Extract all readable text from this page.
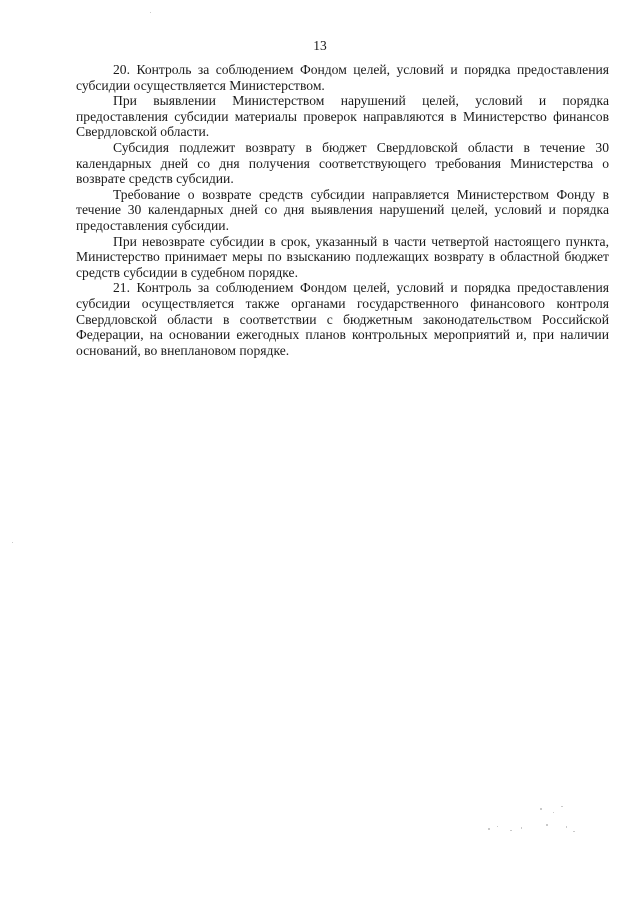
13

20. Контроль за соблюдением Фондом целей, условий и порядка предоставления субсидии осуществляется Министерством.

При выявлении Министерством нарушений целей, условий и порядка предоставления субсидии материалы проверок направляются в Министерство финансов Свердловской области.

Субсидия подлежит возврату в бюджет Свердловской области в течение 30 календарных дней со дня получения соответствующего требования Министерства о возврате средств субсидии.

Требование о возврате средств субсидии направляется Министерством Фонду в течение 30 календарных дней со дня выявления нарушений целей, условий и порядка предоставления субсидии.

При невозврате субсидии в срок, указанный в части четвертой настоящего пункта, Министерство принимает меры по взысканию подлежащих возврату в областной бюджет средств субсидии в судебном порядке.

21. Контроль за соблюдением Фондом целей, условий и порядка предоставления субсидии осуществляется также органами государственного финансового контроля Свердловской области в соответствии с бюджетным законодательством Российской Федерации, на основании ежегодных планов контрольных мероприятий и, при наличии оснований, во внеплановом порядке.
